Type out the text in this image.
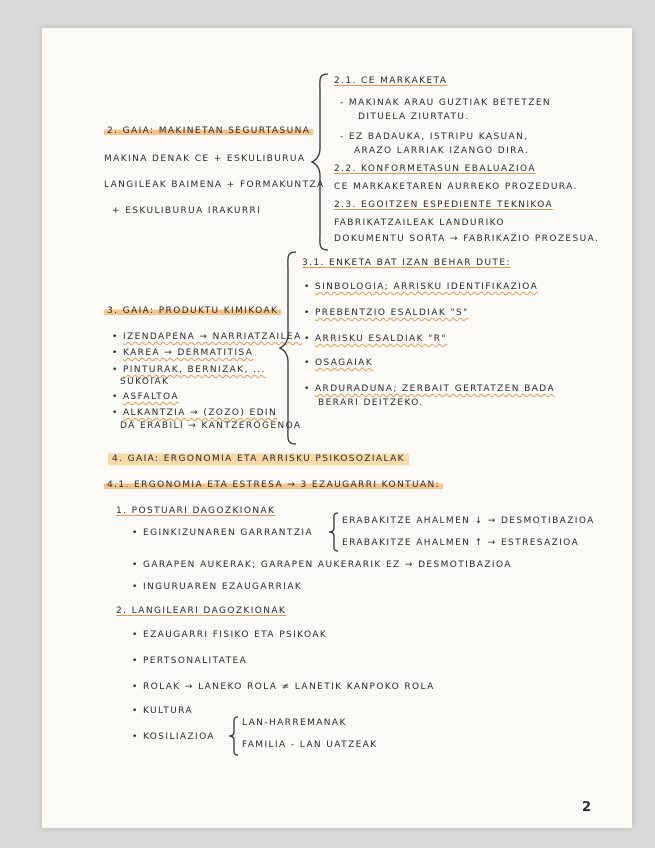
2. GAIA: MAKINETAN SEGURTASUNA
MAKINA DENAK CE + ESKULIBURUA
LANGILEAK BAIMENA + FORMAKUNTZA
+ ESKULIBURUA IRAKURRI
2.1. CE MARKAKETA
- MAKINAK ARAU GUZTIAK BETETZEN
DITUELA ZIURTATU.
- EZ BADAUKA, ISTRIPU KASUAN,
ARAZO LARRIAK IZANGO DIRA.
2.2. KONFORMETASUN EBALUAZIOA
CE MARKAKETAREN AURREKO PROZEDURA.
2.3. EGOITZEN ESPEDIENTE TEKNIKOA
FABRIKATZAILEAK LANDURIKO
DOKUMENTU SORTA → FABRIKAZIO PROZESUA.
3. GAIA: PRODUKTU KIMIKOAK
• IZENDAPENA → NARRIATZAILEA
• KAREA → DERMATITISA
• PINTURAK, BERNIZAK, ...
SUKOIAK
• ASFALTOA
• ALKANTZIA → (ZOZO) EDIN
DA ERABILI → KANTZEROGENOA
3.1. ENKETA BAT IZAN BEHAR DUTE:
• SINBOLOGIA; ARRISKU IDENTIFIKAZIOA
• PREBENTZIO ESALDIAK "S"
• ARRISKU ESALDIAK "R"
• OSAGAIAK
• ARDURADUNA; ZERBAIT GERTATZEN BADA
BERARI DEITZEKO.
4. GAIA: ERGONOMIA ETA ARRISKU PSIKOSOZIALAK
4.1. ERGONOMIA ETA ESTRESA → 3 EZAUGARRI KONTUAN:
1. POSTUARI DAGOZKIONAK
• EGINKIZUNAREN GARRANTZIA
ERABAKITZE AHALMEN ↓ → DESMOTIBAZIOA
ERABAKITZE AHALMEN ↑ → ESTRESAZIOA
• GARAPEN AUKERAK; GARAPEN AUKERARIK EZ → DESMOTIBAZIOA
• INGURUAREN EZAUGARRIAK
2. LANGILEARI DAGOZKIONAK
• EZAUGARRI FISIKO ETA PSIKOAK
• PERTSONALITATEA
• ROLAK → LANEKO ROLA ≠ LANETIK KANPOKO ROLA
• KULTURA
• KOSILIAZIOA
LAN-HARREMANAK
FAMILIA - LAN UATZEAK
2
